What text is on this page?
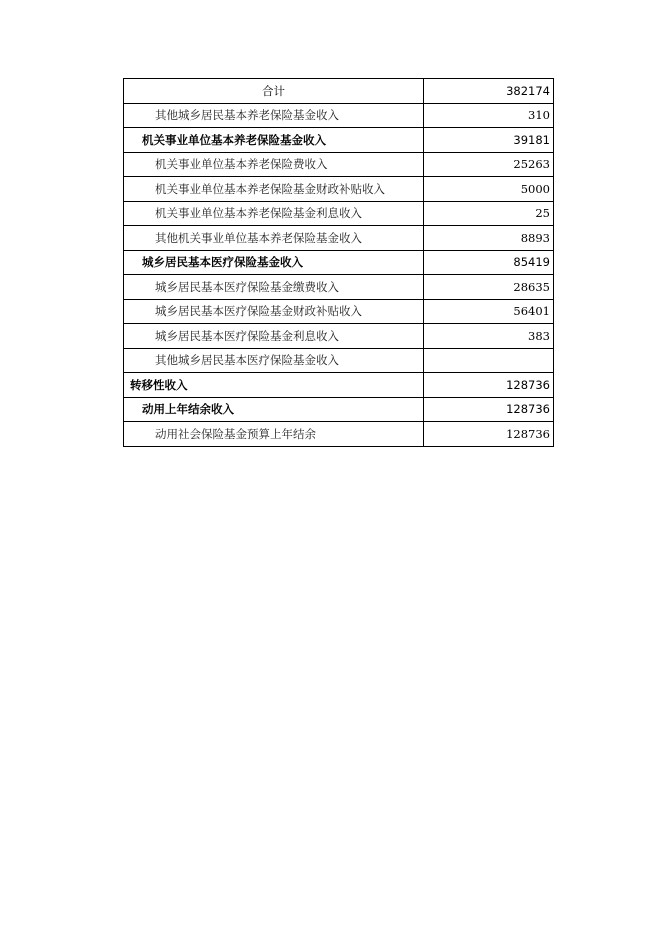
合计	382174
其他城乡居民基本养老保险基金收入	310
机关事业单位基本养老保险基金收入	39181
机关事业单位基本养老保险费收入	25263
机关事业单位基本养老保险基金财政补贴收入	5000
机关事业单位基本养老保险基金利息收入	25
其他机关事业单位基本养老保险基金收入	8893
城乡居民基本医疗保险基金收入	85419
城乡居民基本医疗保险基金缴费收入	28635
城乡居民基本医疗保险基金财政补贴收入	56401
城乡居民基本医疗保险基金利息收入	383
其他城乡居民基本医疗保险基金收入	
转移性收入	128736
动用上年结余收入	128736
动用社会保险基金预算上年结余	128736
